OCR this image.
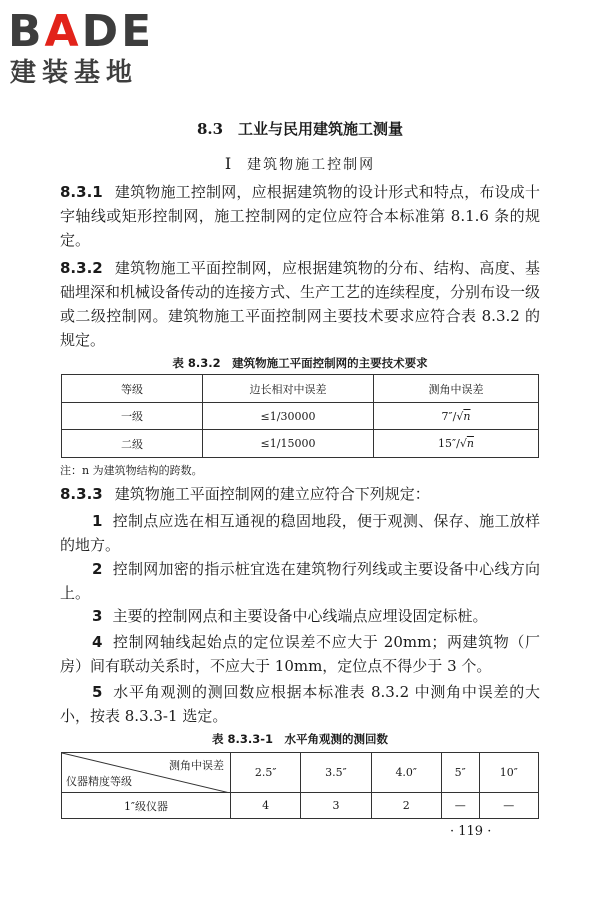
BADE
建装基地
8.3　工业与民用建筑施工测量
Ⅰ 建筑物施工控制网
8.3.1 建筑物施工控制网，应根据建筑物的设计形式和特点，布设成十字轴线或矩形控制网，施工控制网的定位应符合本标准第 8.1.6 条的规定。
8.3.2 建筑物施工平面控制网，应根据建筑物的分布、结构、高度、基础埋深和机械设备传动的连接方式、生产工艺的连续程度，分别布设一级或二级控制网。建筑物施工平面控制网主要技术要求应符合表 8.3.2 的规定。
表 8.3.2　建筑物施工平面控制网的主要技术要求
等级	边长相对中误差	测角中误差
一级	≤1/30000	7″/√n
二级	≤1/15000	15″/√n
注：n 为建筑物结构的跨数。
8.3.3 建筑物施工平面控制网的建立应符合下列规定：
1 控制点应选在相互通视的稳固地段，便于观测、保存、施工放样的地方。
2 控制网加密的指示桩宜选在建筑物行列线或主要设备中心线方向上。
3 主要的控制网点和主要设备中心线端点应埋设固定标桩。
4 控制网轴线起始点的定位误差不应大于 20mm；两建筑物（厂房）间有联动关系时，不应大于 10mm，定位点不得少于 3 个。
5 水平角观测的测回数应根据本标准表 8.3.2 中测角中误差的大小，按表 8.3.3-1 选定。
表 8.3.3-1　水平角观测的测回数
测角中误差
仪器精度等级	2.5″	3.5″	4.0″	5″	10″
1″级仪器	4	3	2	—	—
· 119 ·
